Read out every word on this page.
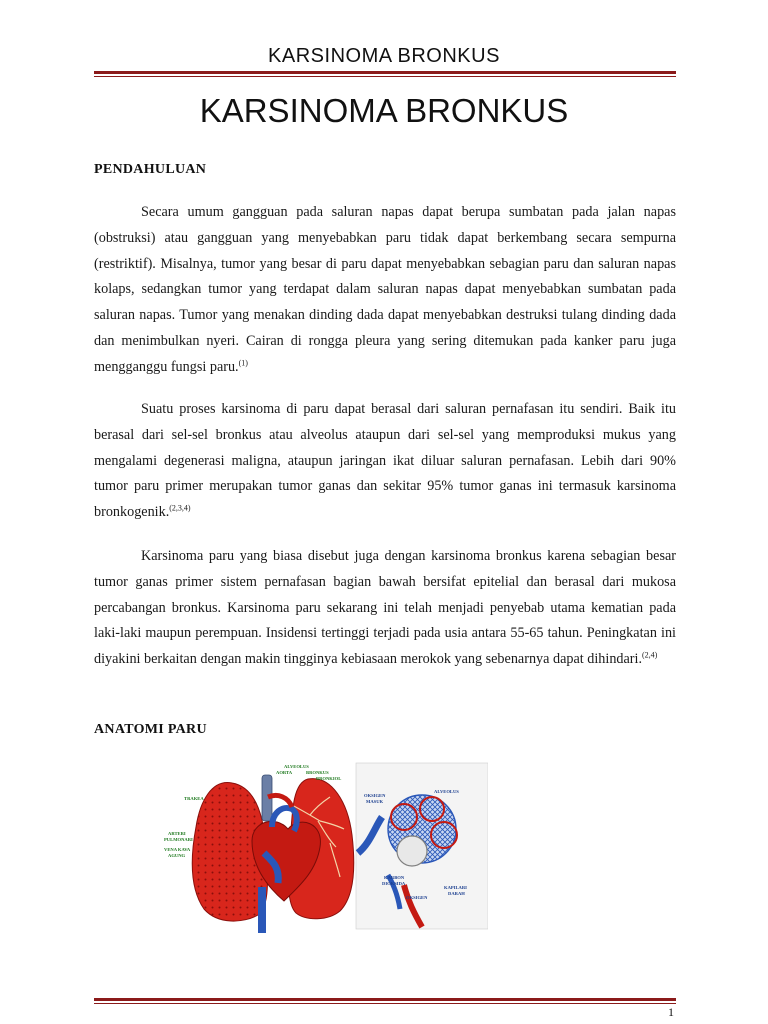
KARSINOMA BRONKUS
KARSINOMA BRONKUS
PENDAHULUAN

Secara umum gangguan pada saluran napas dapat berupa sumbatan pada jalan napas (obstruksi) atau gangguan yang menyebabkan paru tidak dapat berkembang secara sempurna (restriktif). Misalnya, tumor yang besar di paru dapat menyebabkan sebagian paru dan saluran napas kolaps, sedangkan tumor yang terdapat dalam saluran napas dapat menyebabkan sumbatan pada saluran napas. Tumor yang menakan dinding dada dapat menyebabkan destruksi tulang dinding dada dan menimbulkan nyeri. Cairan di rongga pleura yang sering ditemukan pada kanker paru juga mengganggu fungsi paru.$^{(1)}$

Suatu proses karsinoma di paru dapat berasal dari saluran pernafasan itu sendiri. Baik itu berasal dari sel-sel bronkus atau alveolus ataupun dari sel-sel yang memproduksi mukus yang mengalami degenerasi maligna, ataupun jaringan ikat diluar saluran pernafasan. Lebih dari 90% tumor paru primer merupakan tumor ganas dan sekitar 95% tumor ganas ini termasuk karsinoma bronkogenik.$^{(2,3,4)}$

Karsinoma paru yang biasa disebut juga dengan karsinoma bronkus karena sebagian besar tumor ganas primer sistem pernafasan bagian bawah bersifat epitelial dan berasal dari mukosa percabangan bronkus. Karsinoma paru sekarang ini telah menjadi penyebab utama kematian pada laki-laki maupun perempuan. Insidensi tertinggi terjadi pada usia antara 55-65 tahun. Peningkatan ini diyakini berkaitan dengan makin tingginya kebiasaan merokok yang sebenarnya dapat dihindari.$^{(2,4)}$

ANATOMI PARU
ALVEOLUS
AORTA	BRONKUS
BRONKIOL
TRAKEA
ARTERI
PULMONARI
VENA KAVA
AGUNG
OKSIGEN
MASUK
ALVEOLUS
KARBON
DIOKSIDA
OKSIGEN
KAPILARI
DARAH
1
